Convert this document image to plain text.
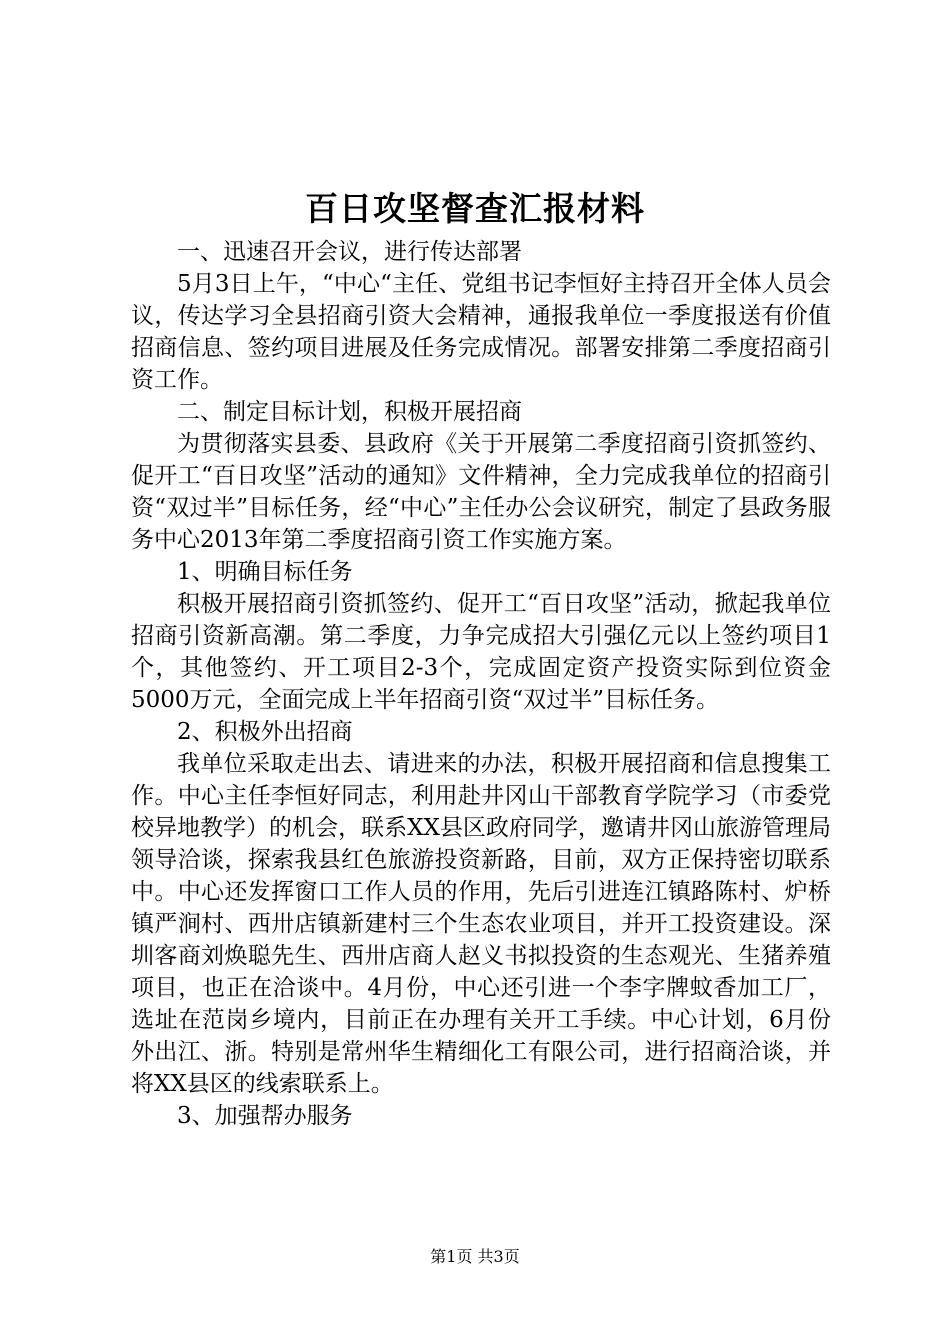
百日攻坚督查汇报材料

一、迅速召开会议，进行传达部署

5月3日上午，“中心“主任、党组书记李恒好主持召开全体人员会议，传达学习全县招商引资大会精神，通报我单位一季度报送有价值招商信息、签约项目进展及任务完成情况。部署安排第二季度招商引资工作。

二、制定目标计划，积极开展招商

为贯彻落实县委、县政府《关于开展第二季度招商引资抓签约、促开工“百日攻坚”活动的通知》文件精神，全力完成我单位的招商引资“双过半”目标任务，经“中心”主任办公会议研究，制定了县政务服务中心2013年第二季度招商引资工作实施方案。

1、明确目标任务

积极开展招商引资抓签约、促开工“百日攻坚”活动，掀起我单位招商引资新高潮。第二季度，力争完成招大引强亿元以上签约项目1个，其他签约、开工项目2-3个，完成固定资产投资实际到位资金5000万元，全面完成上半年招商引资“双过半”目标任务。

2、积极外出招商

我单位采取走出去、请进来的办法，积极开展招商和信息搜集工作。中心主任李恒好同志，利用赴井冈山干部教育学院学习（市委党校异地教学）的机会，联系XX县区政府同学，邀请井冈山旅游管理局领导洽谈，探索我县红色旅游投资新路，目前，双方正保持密切联系中。中心还发挥窗口工作人员的作用，先后引进连江镇路陈村、炉桥镇严涧村、西卅店镇新建村三个生态农业项目，并开工投资建设。深圳客商刘焕聪先生、西卅店商人赵义书拟投资的生态观光、生猪养殖项目，也正在洽谈中。4月份，中心还引进一个李字牌蚊香加工厂，选址在范岗乡境内，目前正在办理有关开工手续。中心计划，6月份外出江、浙。特别是常州华生精细化工有限公司，进行招商洽谈，并将XX县区的线索联系上。

3、加强帮办服务

第1页 共3页
